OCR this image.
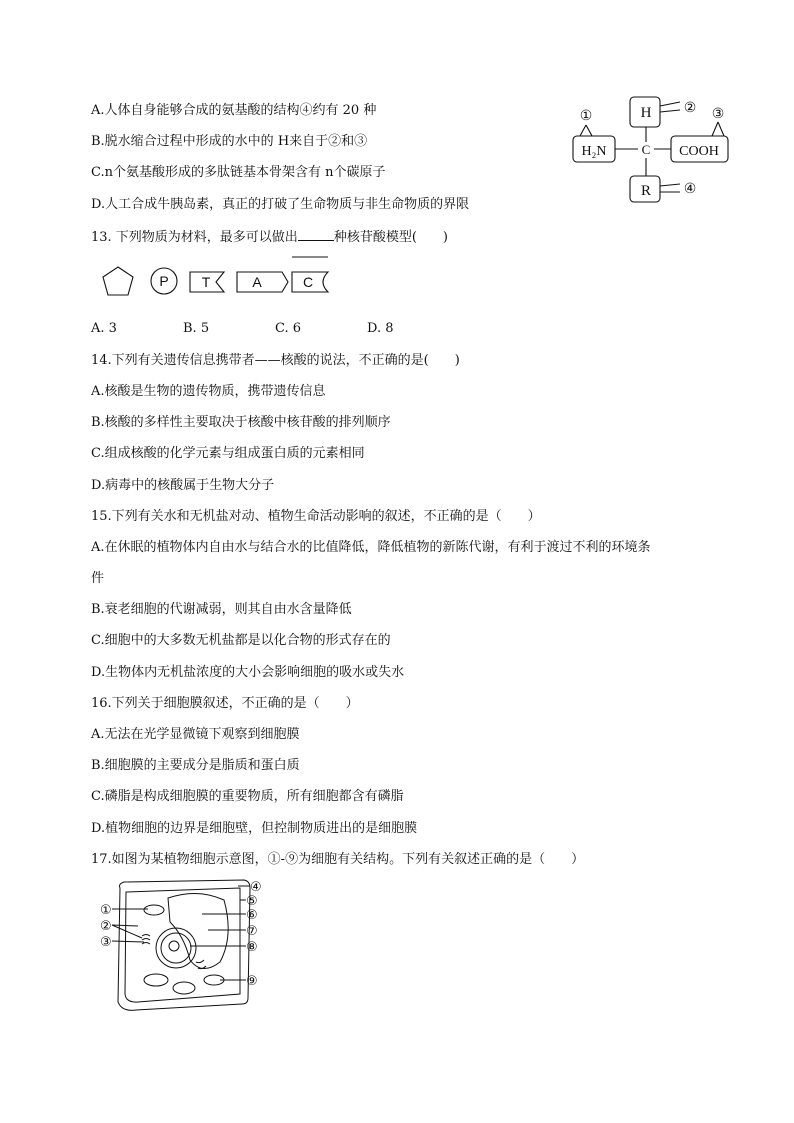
A.人体自身能够合成的氨基酸的结构④约有 20 种
B.脱水缩合过程中形成的水中的 H来自于②和③
C.n个氨基酸形成的多肽链基本骨架含有 n个碳原子
D.人工合成牛胰岛素，真正的打破了生命物质与非生命物质的界限
H
H₂N	C COOH
R
①
② ③
④
13. 下列物质为材料，最多可以做出	种核苷酸模型(　　)
P T	A	C
A. 3	B. 5	C. 6	D. 8
14.下列有关遗传信息携带者——核酸的说法，不正确的是(　　)
A.核酸是生物的遗传物质，携带遗传信息
B.核酸的多样性主要取决于核酸中核苷酸的排列顺序
C.组成核酸的化学元素与组成蛋白质的元素相同
D.病毒中的核酸属于生物大分子
15.下列有关水和无机盐对动、植物生命活动影响的叙述，不正确的是（　　）
A.在休眠的植物体内自由水与结合水的比值降低，降低植物的新陈代谢，有利于渡过不利的环境条
件
B.衰老细胞的代谢减弱，则其自由水含量降低
C.细胞中的大多数无机盐都是以化合物的形式存在的
D.生物体内无机盐浓度的大小会影响细胞的吸水或失水
16.下列关于细胞膜叙述，不正确的是（　　）
A.无法在光学显微镜下观察到细胞膜
B.细胞膜的主要成分是脂质和蛋白质
C.磷脂是构成细胞膜的重要物质，所有细胞都含有磷脂
D.植物细胞的边界是细胞壁，但控制物质进出的是细胞膜
17.如图为某植物细胞示意图，①-⑨为细胞有关结构。下列有关叙述正确的是（　　）
①
②
③
④
⑤
⑥
⑦
⑧
⑨
